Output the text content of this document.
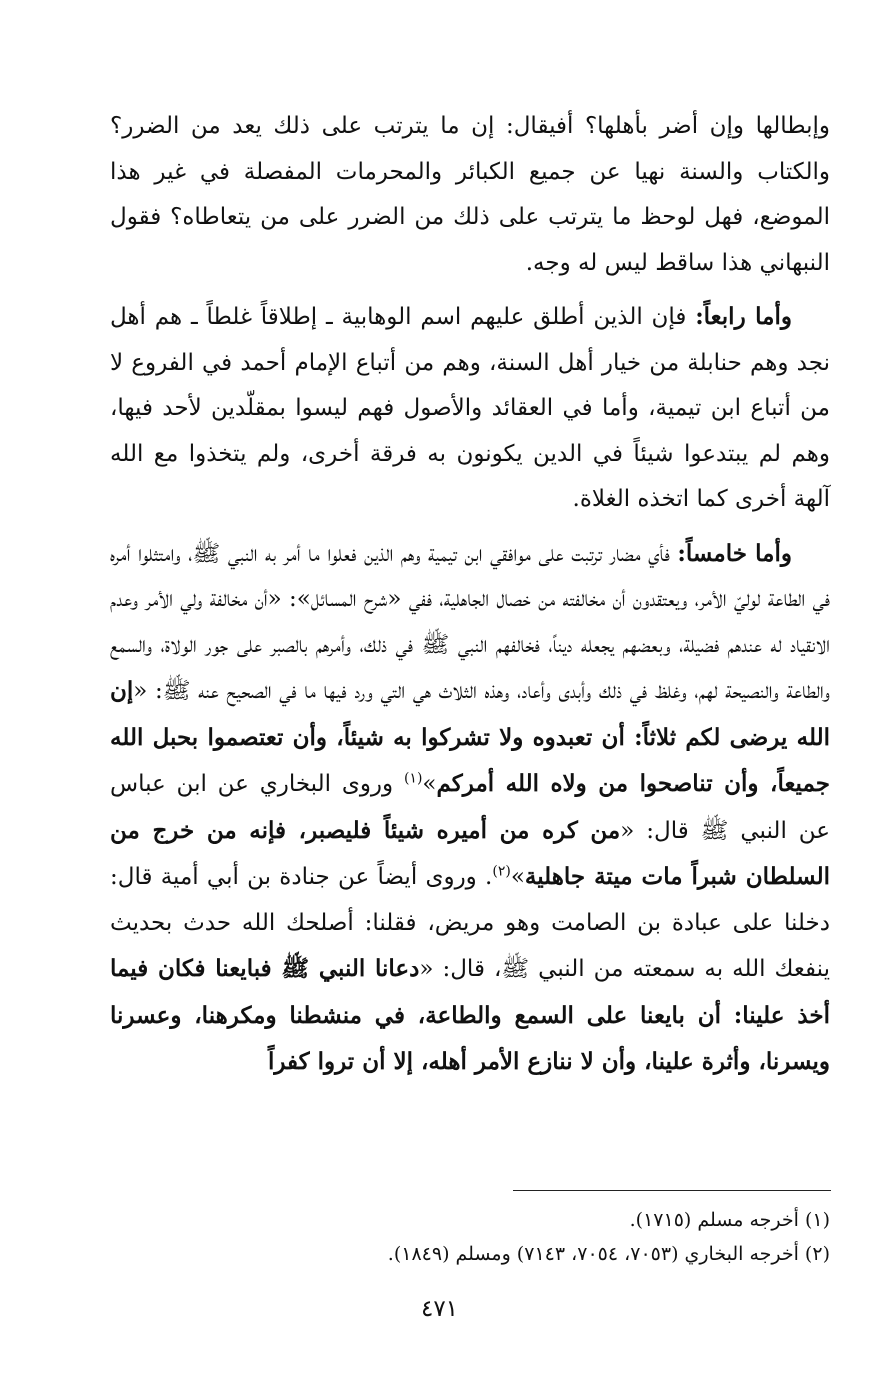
وإبطالها وإن أضر بأهلها؟ أفيقال: إن ما يترتب على ذلك يعد من الضرر؟ والكتاب والسنة نهيا عن جميع الكبائر والمحرمات المفصلة في غير هذا الموضع، فهل لوحظ ما يترتب على ذلك من الضرر على من يتعاطاه؟ فقول النبهاني هذا ساقط ليس له وجه.

وأما رابعاً: فإن الذين أطلق عليهم اسم الوهابية ـ إطلاقاً غلطاً ـ هم أهل نجد وهم حنابلة من خيار أهل السنة، وهم من أتباع الإمام أحمد في الفروع لا من أتباع ابن تيمية، وأما في العقائد والأصول فهم ليسوا بمقلّدين لأحد فيها، وهم لم يبتدعوا شيئاً في الدين يكونون به فرقة أخرى، ولم يتخذوا مع الله آلهة أخرى كما اتخذه الغلاة.

وأما خامساً: فأي مضار ترتبت على موافقي ابن تيمية وهم الذين فعلوا ما أمر به النبي ﷺ، وامتثلوا أمره في الطاعة لوليّ الأمر، ويعتقدون أن مخالفته من خصال الجاهلية، ففي «شرح المسائل»: «أن مخالفة ولي الأمر وعدم الانقياد له عندهم فضيلة، وبعضهم يجعله ديناً، فخالفهم النبي ﷺ في ذلك، وأمرهم بالصبر على جور الولاة، والسمع والطاعة والنصيحة لهم، وغلظ في ذلك وأبدى وأعاد، وهذه الثلاث هي التي ورد فيها ما في الصحيح عنه ﷺ: «إن الله يرضى لكم ثلاثاً: أن تعبدوه ولا تشركوا به شيئاً، وأن تعتصموا بحبل الله جميعاً، وأن تناصحوا من ولاه الله أمركم»$^{(١)}$ وروى البخاري عن ابن عباس عن النبي ﷺ قال: «من كره من أميره شيئاً فليصبر، فإنه من خرج من السلطان شبراً مات ميتة جاهلية»$^{(٢)}$. وروى أيضاً عن جنادة بن أبي أمية قال: دخلنا على عبادة بن الصامت وهو مريض، فقلنا: أصلحك الله حدث بحديث ينفعك الله به سمعته من النبي ﷺ، قال: «دعانا النبي ﷺ فبايعنا فكان فيما أخذ علينا: أن بايعنا على السمع والطاعة، في منشطنا ومكرهنا، وعسرنا ويسرنا، وأثرة علينا، وأن لا ننازع الأمر أهله، إلا أن تروا كفراً

(١) أخرجه مسلم (١٧١٥).

(٢) أخرجه البخاري (٧٠٥٣، ٧٠٥٤، ٧١٤٣) ومسلم (١٨٤٩).

٤٧١
